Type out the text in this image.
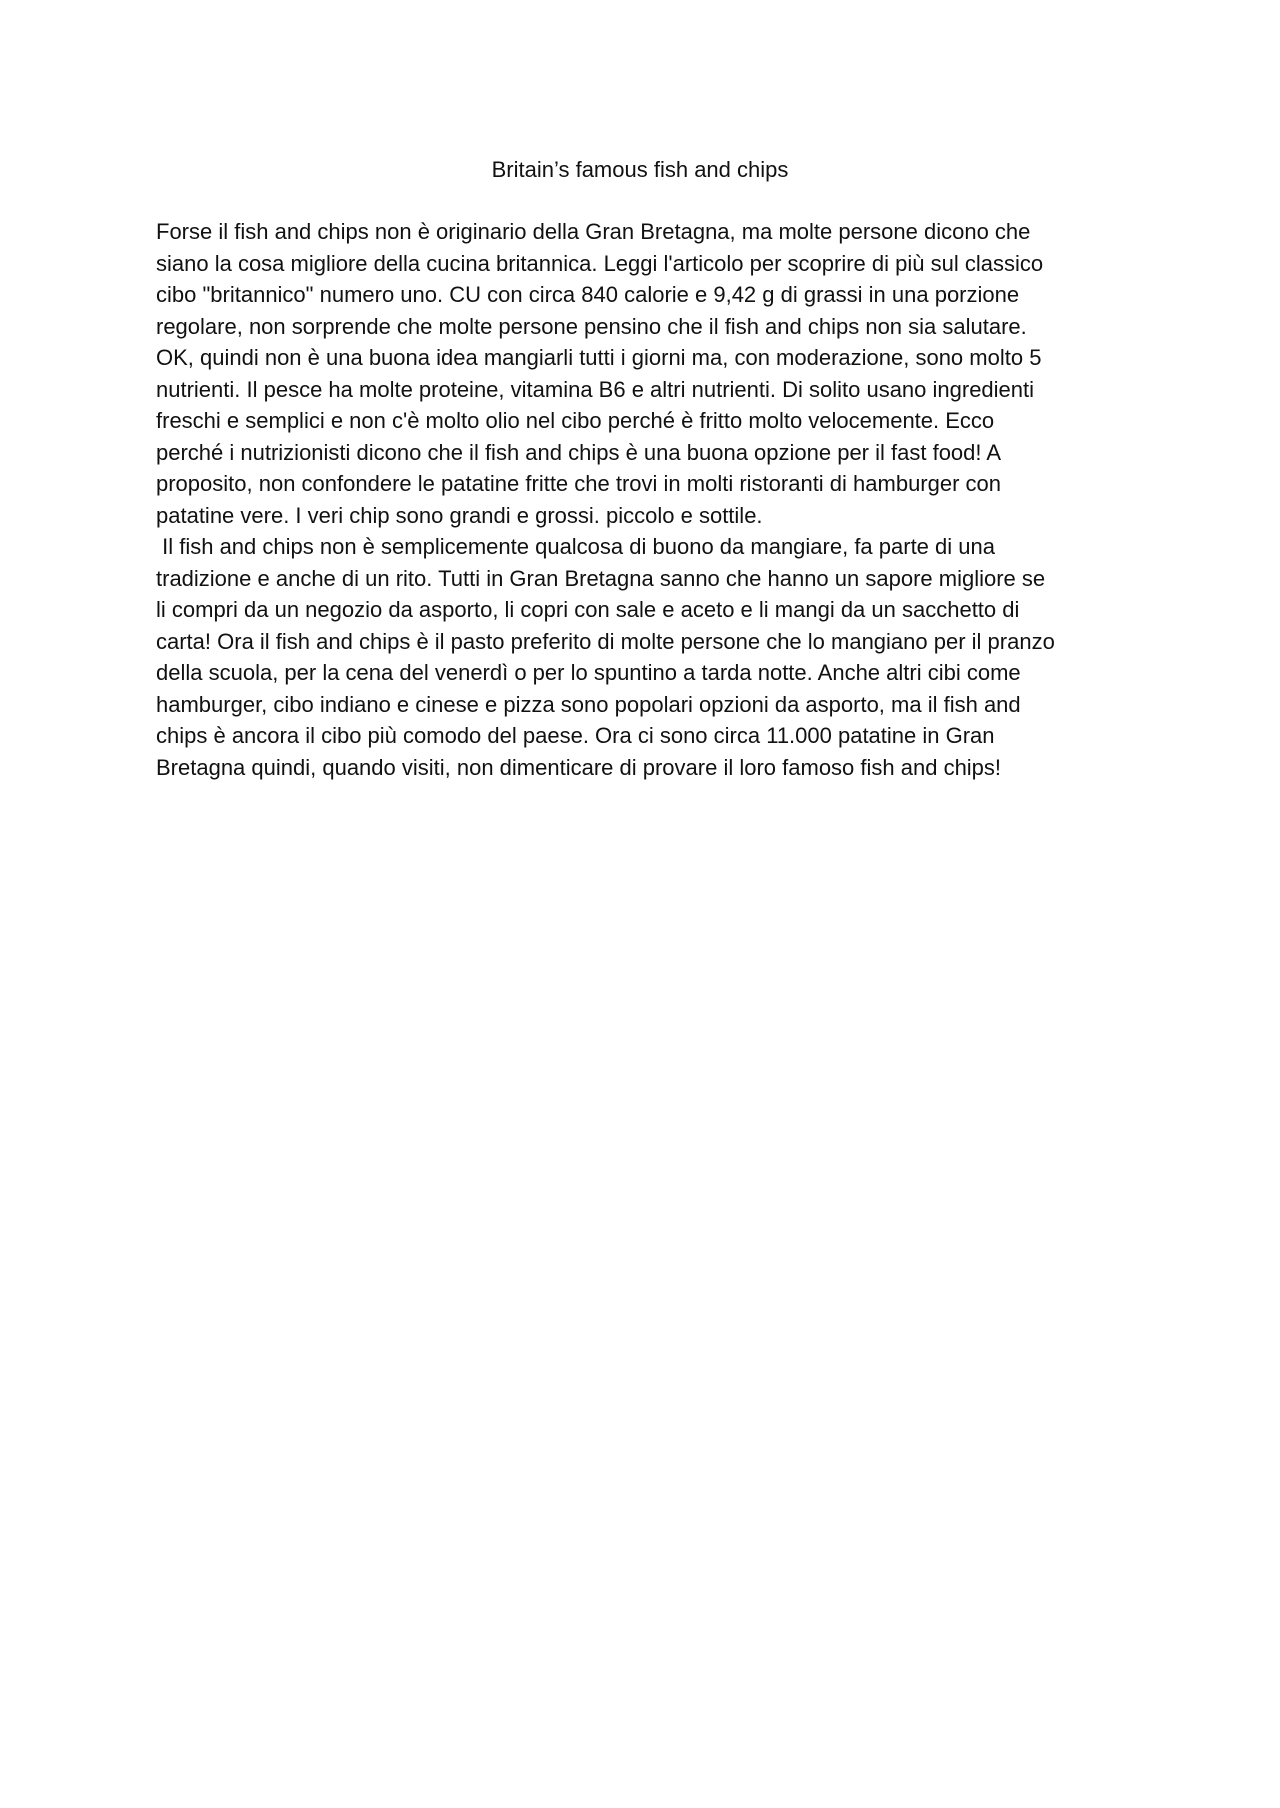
Britain’s famous fish and chips
Forse il fish and chips non è originario della Gran Bretagna, ma molte persone dicono che
siano la cosa migliore della cucina britannica. Leggi l'articolo per scoprire di più sul classico
cibo "britannico" numero uno. CU con circa 840 calorie e 9,42 g di grassi in una porzione
regolare, non sorprende che molte persone pensino che il fish and chips non sia salutare.
OK, quindi non è una buona idea mangiarli tutti i giorni ma, con moderazione, sono molto 5
nutrienti. Il pesce ha molte proteine, vitamina B6 e altri nutrienti. Di solito usano ingredienti
freschi e semplici e non c'è molto olio nel cibo perché è fritto molto velocemente. Ecco
perché i nutrizionisti dicono che il fish and chips è una buona opzione per il fast food! A
proposito, non confondere le patatine fritte che trovi in molti ristoranti di hamburger con
patatine vere. I veri chip sono grandi e grossi. piccolo e sottile.
Il fish and chips non è semplicemente qualcosa di buono da mangiare, fa parte di una
tradizione e anche di un rito. Tutti in Gran Bretagna sanno che hanno un sapore migliore se
li compri da un negozio da asporto, li copri con sale e aceto e li mangi da un sacchetto di
carta! Ora il fish and chips è il pasto preferito di molte persone che lo mangiano per il pranzo
della scuola, per la cena del venerdì o per lo spuntino a tarda notte. Anche altri cibi come
hamburger, cibo indiano e cinese e pizza sono popolari opzioni da asporto, ma il fish and
chips è ancora il cibo più comodo del paese. Ora ci sono circa 11.000 patatine in Gran
Bretagna quindi, quando visiti, non dimenticare di provare il loro famoso fish and chips!
